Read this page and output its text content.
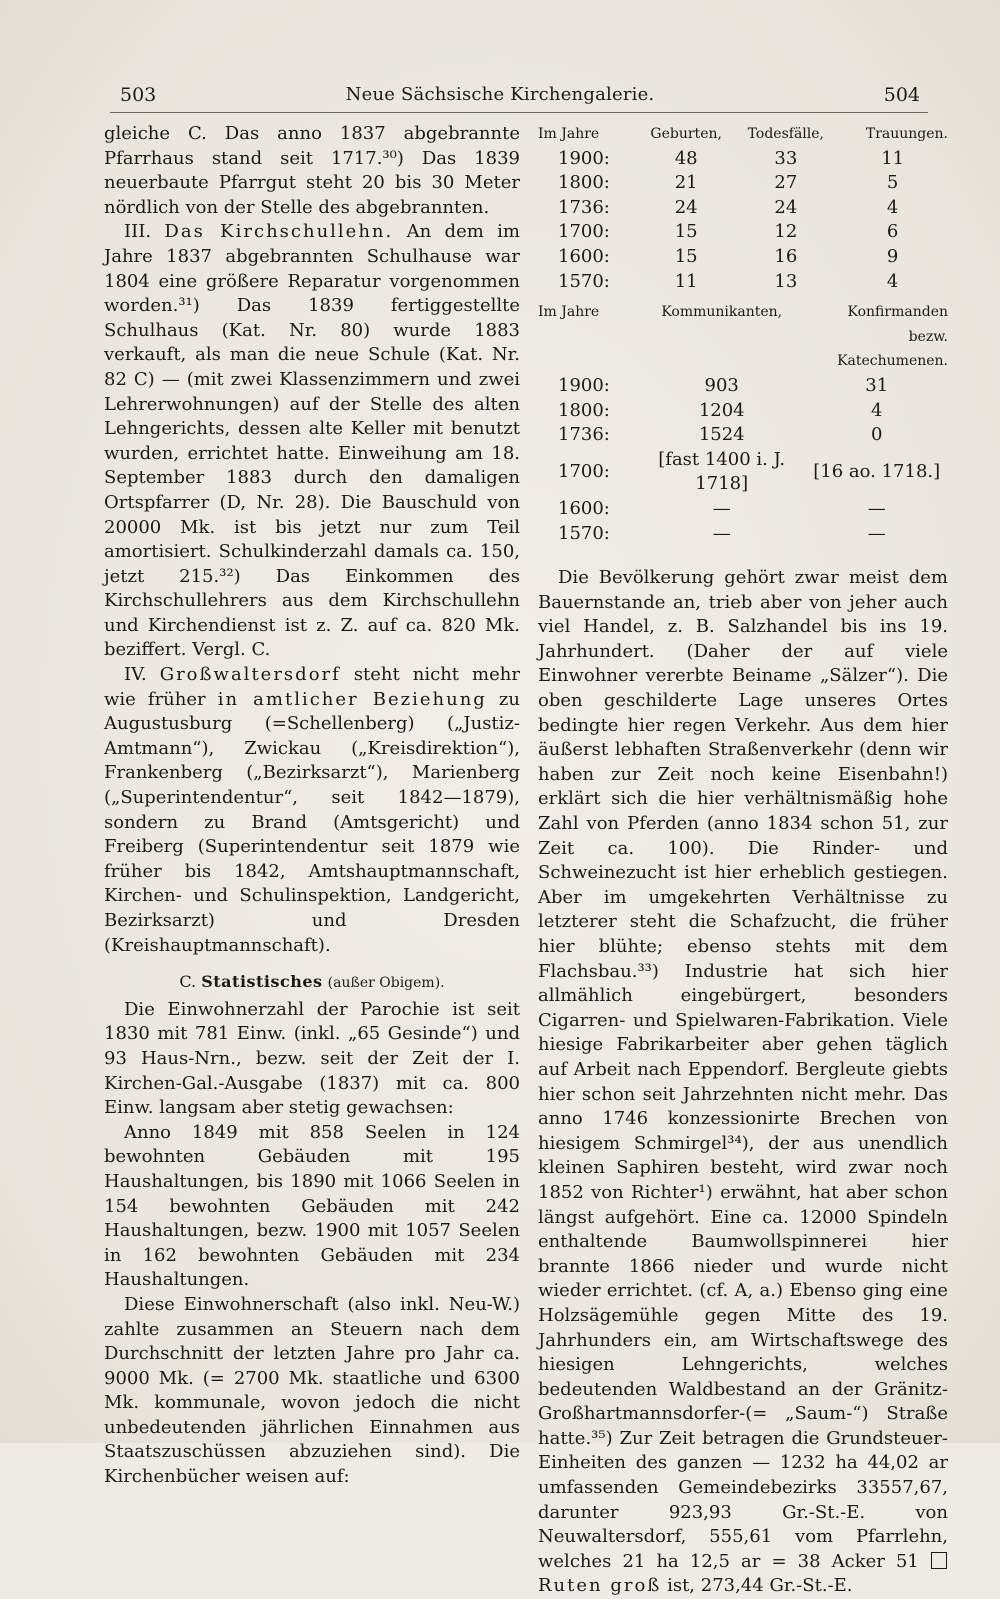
503	Neue Sächsische Kirchengalerie.	504

gleiche C. Das anno 1837 abgebrannte Pfarrhaus stand seit 1717.³⁰) Das 1839 neuerbaute Pfarrgut steht 20 bis 30 Meter nördlich von der Stelle des abgebrannten.

III. Das Kirchschullehn. An dem im Jahre 1837 abgebrannten Schulhause war 1804 eine größere Reparatur vorgenommen worden.³¹) Das 1839 fertiggestellte Schulhaus (Kat. Nr. 80) wurde 1883 verkauft, als man die neue Schule (Kat. Nr. 82 C) — (mit zwei Klassenzimmern und zwei Lehrerwohnungen) auf der Stelle des alten Lehngerichts, dessen alte Keller mit benutzt wurden, errichtet hatte. Einweihung am 18. September 1883 durch den damaligen Ortspfarrer (D, Nr. 28). Die Bauschuld von 20000 Mk. ist bis jetzt nur zum Teil amortisiert. Schulkinderzahl damals ca. 150, jetzt 215.³²) Das Einkommen des Kirchschullehrers aus dem Kirchschullehn und Kirchendienst ist z. Z. auf ca. 820 Mk. beziffert. Vergl. C.

IV. Großwaltersdorf steht nicht mehr wie früher in amtlicher Beziehung zu Augustusburg (=Schellenberg) („Justiz-Amtmann“), Zwickau („Kreisdirektion“), Frankenberg („Bezirksarzt“), Marienberg („Superintendentur“, seit 1842—1879), sondern zu Brand (Amtsgericht) und Freiberg (Superintendentur seit 1879 wie früher bis 1842, Amtshauptmannschaft, Kirchen- und Schulinspektion, Landgericht, Bezirksarzt) und Dresden (Kreishauptmannschaft).

C. Statistisches (außer Obigem).

Die Einwohnerzahl der Parochie ist seit 1830 mit 781 Einw. (inkl. „65 Gesinde“) und 93 Haus-Nrn., bezw. seit der Zeit der I. Kirchen-Gal.-Ausgabe (1837) mit ca. 800 Einw. langsam aber stetig gewachsen:

Anno 1849 mit 858 Seelen in 124 bewohnten Gebäuden mit 195 Haushaltungen, bis 1890 mit 1066 Seelen in 154 bewohnten Gebäuden mit 242 Haushaltungen, bezw. 1900 mit 1057 Seelen in 162 bewohnten Gebäuden mit 234 Haushaltungen.

Diese Einwohnerschaft (also inkl. Neu-W.) zahlte zusammen an Steuern nach dem Durchschnitt der letzten Jahre pro Jahr ca. 9000 Mk. (= 2700 Mk. staatliche und 6300 Mk. kommunale, wovon jedoch die nicht unbedeutenden jährlichen Einnahmen aus Staatszuschüssen abzuziehen sind). Die Kirchenbücher weisen auf:

Im Jahre	Geburten,	Todesfälle,	Trauungen.
1900:	48	33	11
1800:	21	27	5
1736:	24	24	4
1700:	15	12	6
1600:	15	16	9
1570:	11	13	4
Im Jahre	Kommunikanten,	Konfirmanden
		bezw. Katechumenen.
1900:	903	31
1800:	1204	4
1736:	1524	0
1700:	[fast 1400 i. J. 1718]	[16 ao. 1718.]
1600:	—	—
1570:	—	—

Die Bevölkerung gehört zwar meist dem Bauernstande an, trieb aber von jeher auch viel Handel, z. B. Salzhandel bis ins 19. Jahrhundert. (Daher der auf viele Einwohner vererbte Beiname „Sälzer“). Die oben geschilderte Lage unseres Ortes bedingte hier regen Verkehr. Aus dem hier äußerst lebhaften Straßenverkehr (denn wir haben zur Zeit noch keine Eisenbahn!) erklärt sich die hier verhältnismäßig hohe Zahl von Pferden (anno 1834 schon 51, zur Zeit ca. 100). Die Rinder- und Schweinezucht ist hier erheblich gestiegen. Aber im umgekehrten Verhältnisse zu letzterer steht die Schafzucht, die früher hier blühte; ebenso stehts mit dem Flachsbau.³³) Industrie hat sich hier allmählich eingebürgert, besonders Cigarren- und Spielwaren-Fabrikation. Viele hiesige Fabrikarbeiter aber gehen täglich auf Arbeit nach Eppendorf. Bergleute giebts hier schon seit Jahrzehnten nicht mehr. Das anno 1746 konzessionirte Brechen von hiesigem Schmirgel³⁴), der aus unendlich kleinen Saphiren besteht, wird zwar noch 1852 von Richter¹) erwähnt, hat aber schon längst aufgehört. Eine ca. 12000 Spindeln enthaltende Baumwollspinnerei hier brannte 1866 nieder und wurde nicht wieder errichtet. (cf. A, a.) Ebenso ging eine Holzsägemühle gegen Mitte des 19. Jahrhunders ein, am Wirtschaftswege des hiesigen Lehngerichts, welches bedeutenden Waldbestand an der Gränitz-Großhartmannsdorfer-(= „Saum-“) Straße hatte.³⁵) Zur Zeit betragen die Grundsteuer-Einheiten des ganzen — 1232 ha 44,02 ar umfassenden Gemeindebezirks 33557,67, darunter 923,93 Gr.-St.-E. von Neuwaltersdorf, 555,61 vom Pfarrlehn, welches 21 ha 12,5 ar = 38 Acker 51 Ruten groß ist, 273,44 Gr.-St.-E.
